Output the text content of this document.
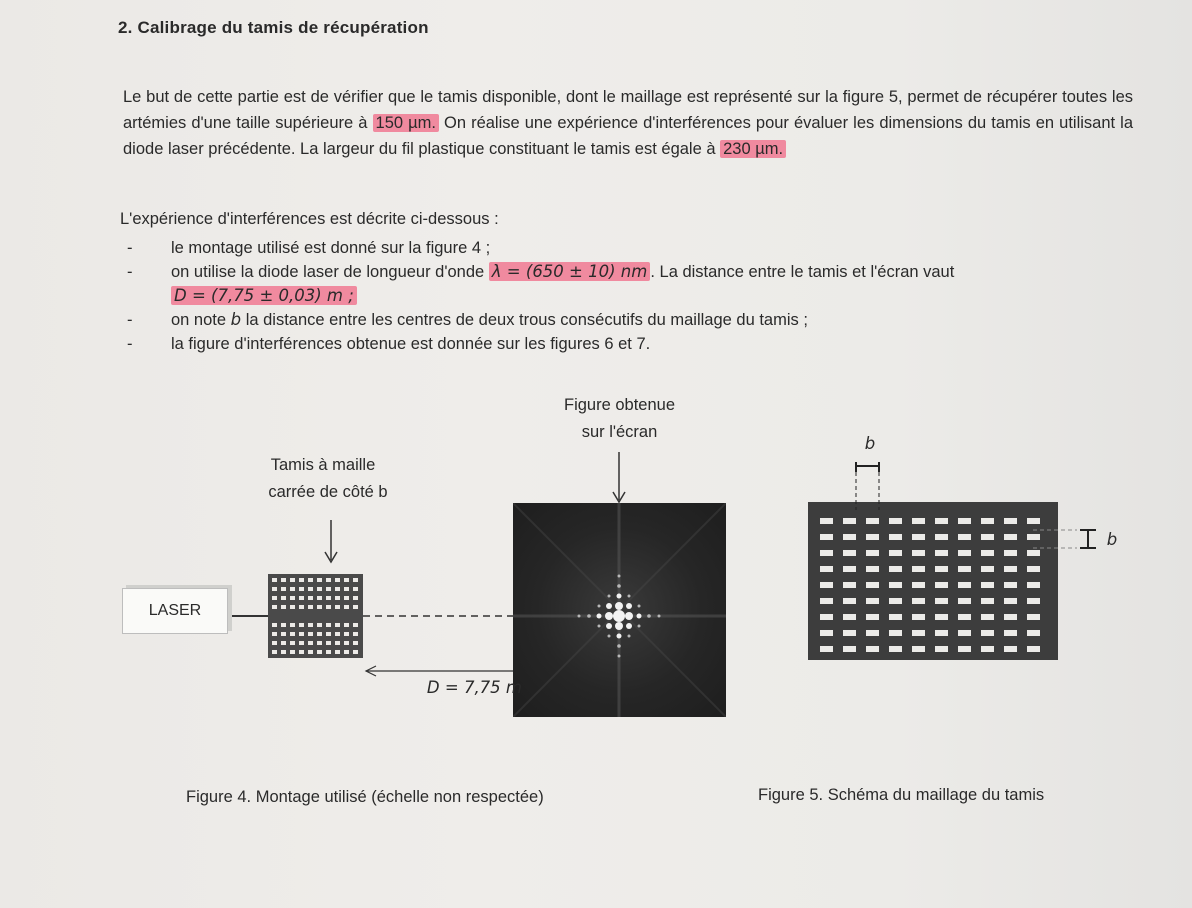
2. Calibrage du tamis de récupération
Le but de cette partie est de vérifier que le tamis disponible, dont le maillage est représenté sur la figure 5, permet de récupérer toutes les artémies d'une taille supérieure à 150 µm. On réalise une expérience d'interférences pour évaluer les dimensions du tamis en utilisant la diode laser précédente. La largeur du fil plastique constituant le tamis est égale à 230 µm.
L'expérience d'interférences est décrite ci-dessous :
- le montage utilisé est donné sur la figure 4 ;
- on utilise la diode laser de longueur d'onde λ = (650 ± 10) nm . La distance entre le tamis et l'écran vaut
D = (7,75 ± 0,03) m ;
- on note b la distance entre les centres de deux trous consécutifs du maillage du tamis ;
- la figure d'interférences obtenue est donnée sur les figures 6 et 7.
Figure obtenue
sur l'écran
Tamis à maille
carrée de côté b
LASER
D = 7,75 m
Figure 4. Montage utilisé (échelle non respectée)
b
b
Figure 5. Schéma du maillage du tamis
